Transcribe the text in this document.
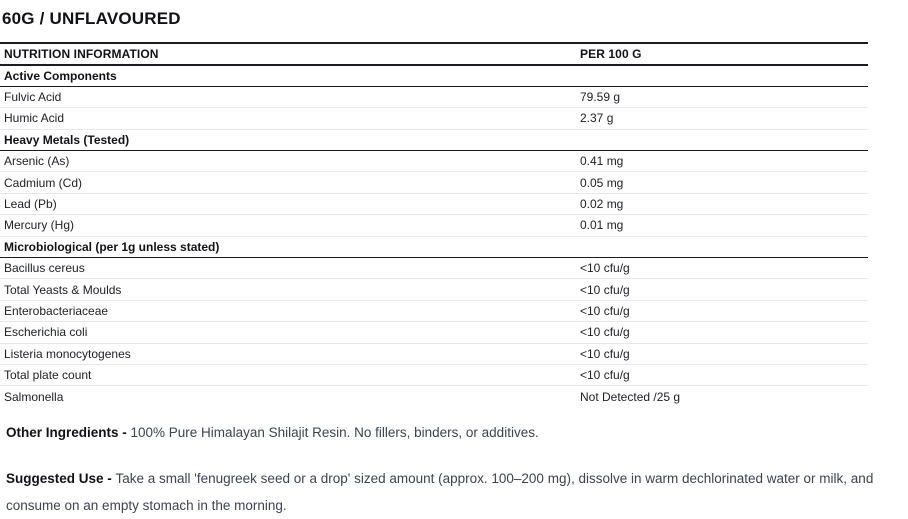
60G / UNFLAVOURED
NUTRITION INFORMATION	PER 100 G
Active Components	
Fulvic Acid	79.59 g
Humic Acid	2.37 g
Heavy Metals (Tested)	
Arsenic (As)	0.41 mg
Cadmium (Cd)	0.05 mg
Lead (Pb)	0.02 mg
Mercury (Hg)	0.01 mg
Microbiological (per 1g unless stated)	
Bacillus cereus	<10 cfu/g
Total Yeasts & Moulds	<10 cfu/g
Enterobacteriaceae	<10 cfu/g
Escherichia coli	<10 cfu/g
Listeria monocytogenes	<10 cfu/g
Total plate count	<10 cfu/g
Salmonella	Not Detected /25 g

Other Ingredients - 100% Pure Himalayan Shilajit Resin. No fillers, binders, or additives.

Suggested Use - Take a small 'fenugreek seed or a drop' sized amount (approx. 100–200 mg), dissolve in warm dechlorinated water or milk, and consume on an empty stomach in the morning.
